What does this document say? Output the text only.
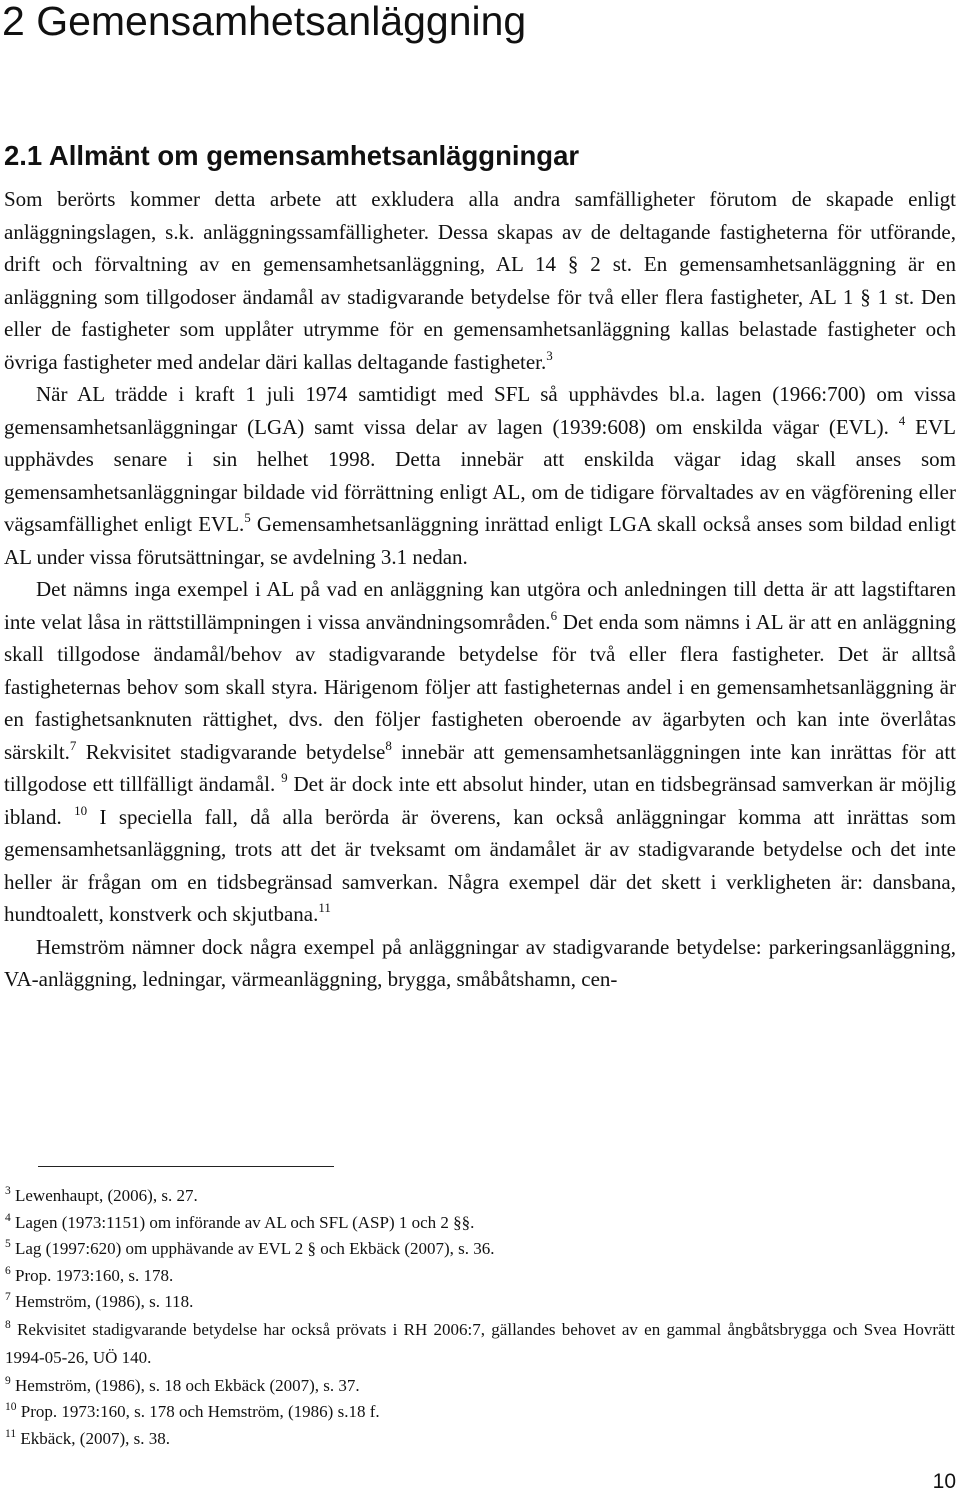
2 Gemensamhetsanläggning
2.1 Allmänt om gemensamhetsanläggningar

Som berörts kommer detta arbete att exkludera alla andra samfälligheter förutom de skapade enligt anläggningslagen, s.k. anläggningssamfälligheter. Dessa skapas av de deltagande fastigheterna för utförande, drift och förvaltning av en gemensamhetsanläggning, AL 14 § 2 st. En gemensamhetsanläggning är en anläggning som tillgodoser ändamål av stadigvarande betydelse för två eller flera fastigheter, AL 1 § 1 st. Den eller de fastigheter som upplåter utrymme för en gemensamhetsanläggning kallas belastade fastigheter och övriga fastigheter med andelar däri kallas deltagande fastigheter.$^3$

När AL trädde i kraft 1 juli 1974 samtidigt med SFL så upphävdes bl.a. lagen (1966:700) om vissa gemensamhetsanläggningar (LGA) samt vissa delar av lagen (1939:608) om enskilda vägar (EVL). $^4$ EVL upphävdes senare i sin helhet 1998. Detta innebär att enskilda vägar idag skall anses som gemensamhetsanläggningar bildade vid förrättning enligt AL, om de tidigare förvaltades av en vägförening eller vägsamfällighet enligt EVL.$^5$ Gemensamhetsanläggning inrättad enligt LGA skall också anses som bildad enligt AL under vissa förutsättningar, se avdelning 3.1 nedan.

Det nämns inga exempel i AL på vad en anläggning kan utgöra och anledningen till detta är att lagstiftaren inte velat låsa in rättstillämpningen i vissa användningsområden.$^6$ Det enda som nämns i AL är att en anläggning skall tillgodose ändamål/behov av stadigvarande betydelse för två eller flera fastigheter. Det är alltså fastigheternas behov som skall styra. Härigenom följer att fastigheternas andel i en gemensamhetsanläggning är en fastighetsanknuten rättighet, dvs. den följer fastigheten oberoende av ägarbyten och kan inte överlåtas särskilt.$^7$ Rekvisitet stadigvarande betydelse$^8$ innebär att gemensamhetsanläggningen inte kan inrättas för att tillgodose ett tillfälligt ändamål. $^9$ Det är dock inte ett absolut hinder, utan en tidsbegränsad samverkan är möjlig ibland. $^{10}$ I speciella fall, då alla berörda är överens, kan också anläggningar komma att inrättas som gemensamhetsanläggning, trots att det är tveksamt om ändamålet är av stadigvarande betydelse och det inte heller är frågan om en tidsbegränsad samverkan. Några exempel där det skett i verkligheten är: dansbana, hundtoalett, konstverk och skjutbana.$^{11}$

Hemström nämner dock några exempel på anläggningar av stadigvarande betydelse: parkeringsanläggning, VA-anläggning, ledningar, värmeanläggning, brygga, småbåtshamn, cen-

$^3$ Lewenhaupt, (2006), s. 27.
$^4$ Lagen (1973:1151) om införande av AL och SFL (ASP) 1 och 2 §§.
$^5$ Lag (1997:620) om upphävande av EVL 2 § och Ekbäck (2007), s. 36.
$^6$ Prop. 1973:160, s. 178.
$^7$ Hemström, (1986), s. 118.
$^8$ Rekvisitet stadigvarande betydelse har också prövats i RH 2006:7, gällandes behovet av en gammal ångbåtsbrygga och Svea Hovrätt 1994-05-26, UÖ 140.
$^9$ Hemström, (1986), s. 18 och Ekbäck (2007), s. 37.
$^{10}$ Prop. 1973:160, s. 178 och Hemström, (1986) s.18 f.
$^{11}$ Ekbäck, (2007), s. 38.
10
